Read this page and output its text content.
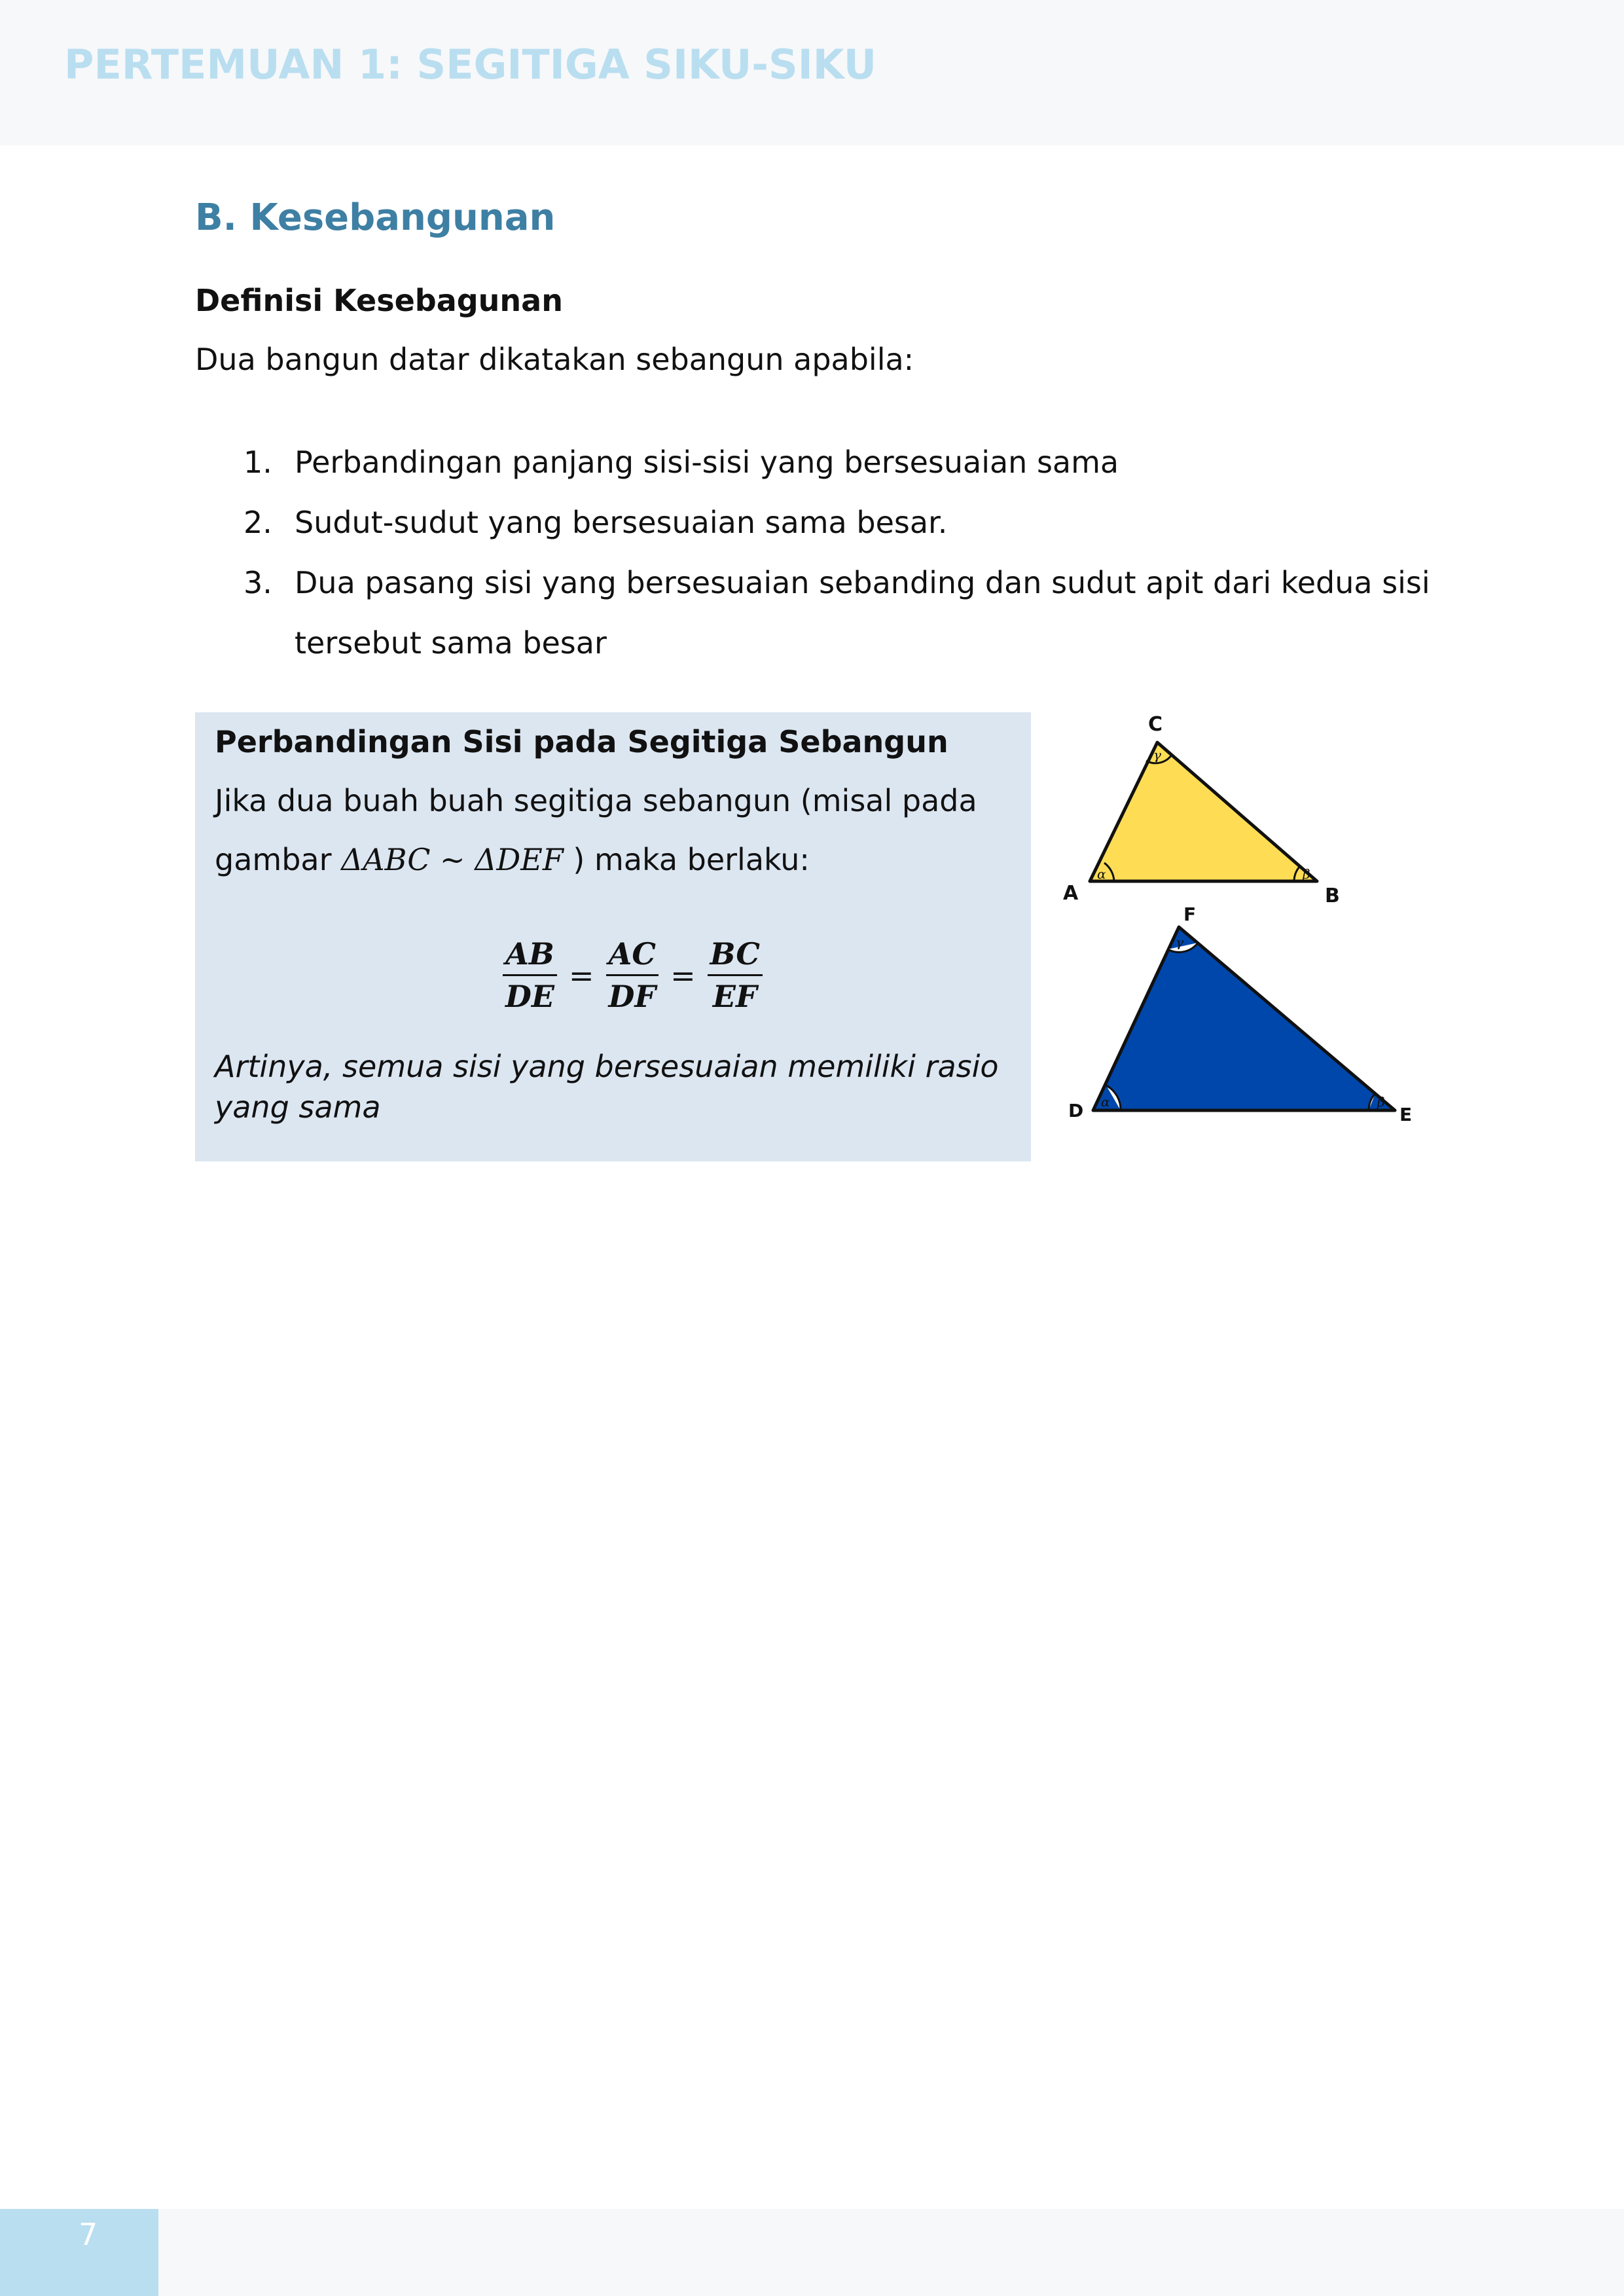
PERTEMUAN 1: SEGITIGA SIKU-SIKU
B. Kesebangunan
Definisi Kesebagunan
Dua bangun datar dikatakan sebangun apabila:
1. Perbandingan panjang sisi-sisi yang bersesuaian sama
2. Sudut-sudut yang bersesuaian sama besar.
3. Dua pasang sisi yang bersesuaian sebanding dan sudut apit dari kedua sisi
tersebut sama besar
Perbandingan Sisi pada Segitiga Sebangun
Jika dua buah buah segitiga sebangun (misal pada
gambar ΔABC ~ ΔDEF ) maka berlaku:
$\frac{AB}{DE} = \frac{AC}{DF} = \frac{BC}{EF}$
Artinya, semua sisi yang bersesuaian memiliki rasio yang sama
α	β
γ
A	B
C
α	β
γ
D	E
F
7
